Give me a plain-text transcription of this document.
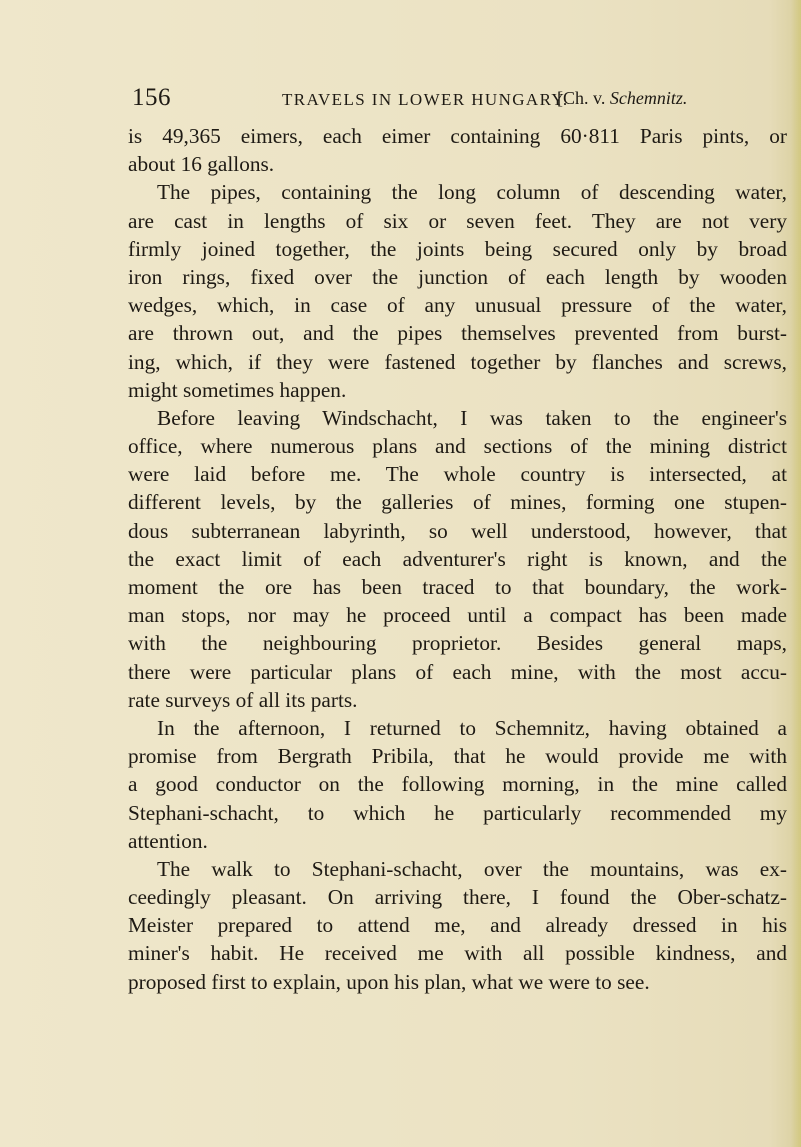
156	TRAVELS IN LOWER HUNGARY.
[Ch. v. Schemnitz.
is 49,365 eimers, each eimer containing 60·811 Paris pints, or
about 16 gallons.
The pipes, containing the long column of descending water,
are cast in lengths of six or seven feet. They are not very
firmly joined together, the joints being secured only by broad
iron rings, fixed over the junction of each length by wooden
wedges, which, in case of any unusual pressure of the water,
are thrown out, and the pipes themselves prevented from burst-
ing, which, if they were fastened together by flanches and screws,
might sometimes happen.
Before leaving Windschacht, I was taken to the engineer's
office, where numerous plans and sections of the mining district
were laid before me. The whole country is intersected, at
different levels, by the galleries of mines, forming one stupen-
dous subterranean labyrinth, so well understood, however, that
the exact limit of each adventurer's right is known, and the
moment the ore has been traced to that boundary, the work-
man stops, nor may he proceed until a compact has been made
with the neighbouring proprietor. Besides general maps,
there were particular plans of each mine, with the most accu-
rate surveys of all its parts.
In the afternoon, I returned to Schemnitz, having obtained a
promise from Bergrath Pribila, that he would provide me with
a good conductor on the following morning, in the mine called
Stephani-schacht, to which he particularly recommended my
attention.
The walk to Stephani-schacht, over the mountains, was ex-
ceedingly pleasant. On arriving there, I found the Ober-schatz-
Meister prepared to attend me, and already dressed in his
miner's habit. He received me with all possible kindness, and
proposed first to explain, upon his plan, what we were to see.
